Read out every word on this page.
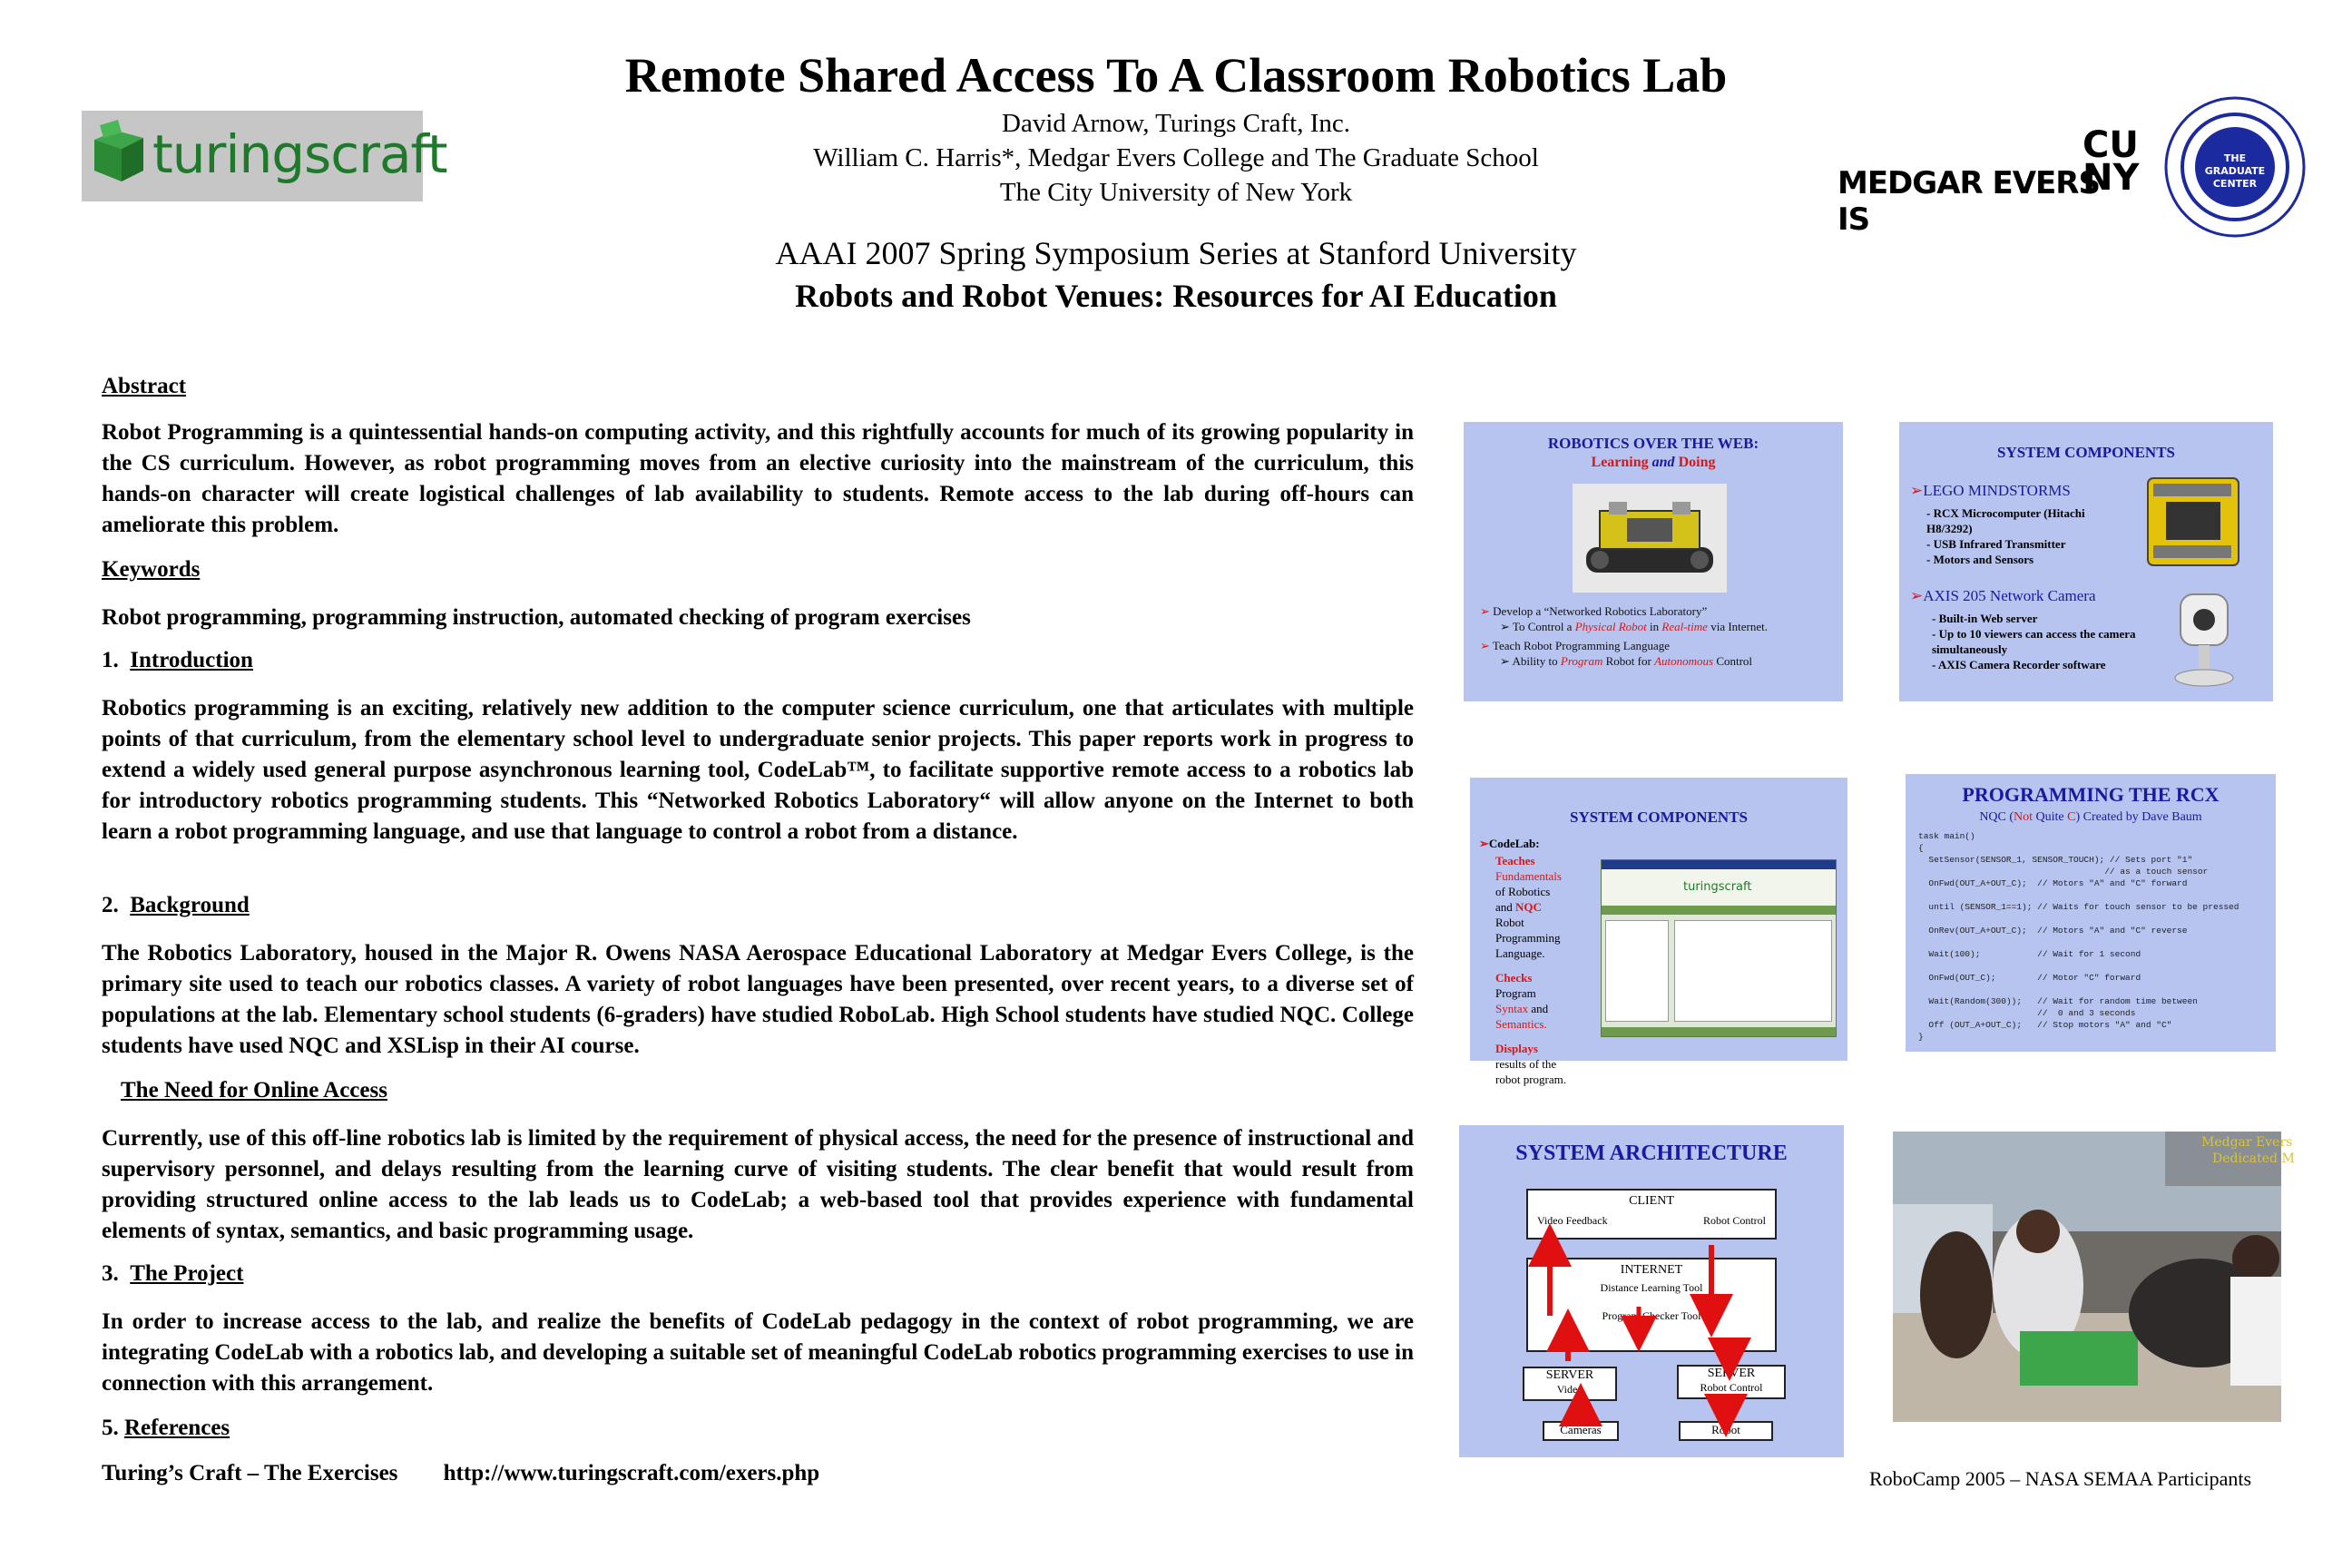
Remote Shared Access To A Classroom Robotics Lab
David Arnow, Turings Craft, Inc.
William C. Harris*, Medgar Evers College and The Graduate School
The City University of New York
AAAI 2007 Spring Symposium Series at Stanford University
Robots and Robot Venues: Resources for AI Education
turingscraft	MEDGAR EVERS IS
CU
NY	THE
GRADUATE
CENTER
Abstract
Robot Programming is a quintessential hands-on computing activity, and this rightfully accounts for much of its growing popularity in the CS curriculum. However, as robot programming moves from an elective curiosity into the mainstream of the curriculum, this hands-on character will create logistical challenges of lab availability to students. Remote access to the lab during off-hours can ameliorate this problem.
Keywords
Robot programming, programming instruction, automated checking of program exercises
1. Introduction
Robotics programming is an exciting, relatively new addition to the computer science curriculum, one that articulates with multiple points of that curriculum, from the elementary school level to undergraduate senior projects. This paper reports work in progress to extend a widely used general purpose asynchronous learning tool, CodeLab™, to facilitate supportive remote access to a robotics lab for introductory robotics programming students. This “Networked Robotics Laboratory“ will allow anyone on the Internet to both learn a robot programming language, and use that language to control a robot from a distance.
2. Background
The Robotics Laboratory, housed in the Major R. Owens NASA Aerospace Educational Laboratory at Medgar Evers College, is the primary site used to teach our robotics classes. A variety of robot languages have been presented, over recent years, to a diverse set of populations at the lab. Elementary school students (6-graders) have studied RoboLab. High School students have studied NQC. College students have used NQC and XSLisp in their AI course.
The Need for Online Access
Currently, use of this off-line robotics lab is limited by the requirement of physical access, the need for the presence of instructional and supervisory personnel, and delays resulting from the learning curve of visiting students. The clear benefit that would result from providing structured online access to the lab leads us to CodeLab; a web-based tool that provides experience with fundamental elements of syntax, semantics, and basic programming usage.
3. The Project
In order to increase access to the lab, and realize the benefits of CodeLab pedagogy in the context of robot programming, we are integrating CodeLab with a robotics lab, and developing a suitable set of meaningful CodeLab robotics programming exercises to use in connection with this arrangement.
5. References
Turing’s Craft – The Exercises http://www.turingscraft.com/exers.php
ROBOTICS OVER THE WEB:
Learning and Doing
➢ Develop a “Networked Robotics Laboratory”
➢ To Control a Physical Robot in Real-time via Internet.
➢ Teach Robot Programming Language
➢ Ability to Program Robot for Autonomous Control
SYSTEM COMPONENTS
➢LEGO MINDSTORMS
- RCX Microcomputer (Hitachi H8/3292)
- USB Infrared Transmitter
- Motors and Sensors
➢AXIS 205 Network Camera
- Built-in Web server
- Up to 10 viewers can access the camera simultaneously
- AXIS Camera Recorder software
SYSTEM COMPONENTS
➢CodeLab:
Teaches
Fundamentals of Robotics and NQC Robot Programming Language.
Checks Program Syntax and Semantics.
Displays results of the robot program.
turingscraft
PROGRAMMING THE RCX
NQC (Not Quite C) Created by Dave Baum
task main()
{
SetSensor(SENSOR_1, SENSOR_TOUCH); // Sets port "1"
// as a touch sensor
OnFwd(OUT_A+OUT_C);  // Motors "A" and "C" forward

until (SENSOR_1==1); // Waits for touch sensor to be pressed

OnRev(OUT_A+OUT_C);  // Motors "A" and "C" reverse

Wait(100);           // Wait for 1 second

OnFwd(OUT_C);        // Motor "C" forward

Wait(Random(300));   // Wait for random time between
//  0 and 3 seconds
Off (OUT_A+OUT_C);   // Stop motors "A" and "C"
}
SYSTEM ARCHITECTURE
CLIENT
Video Feedback	Robot Control
INTERNET
Distance Learning Tool
Program Checker Tool
SERVER
Video
SERVER
Robot Control
Cameras	Robot
Medgar Evers
Dedicated M
RoboCamp 2005 – NASA SEMAA Participants
